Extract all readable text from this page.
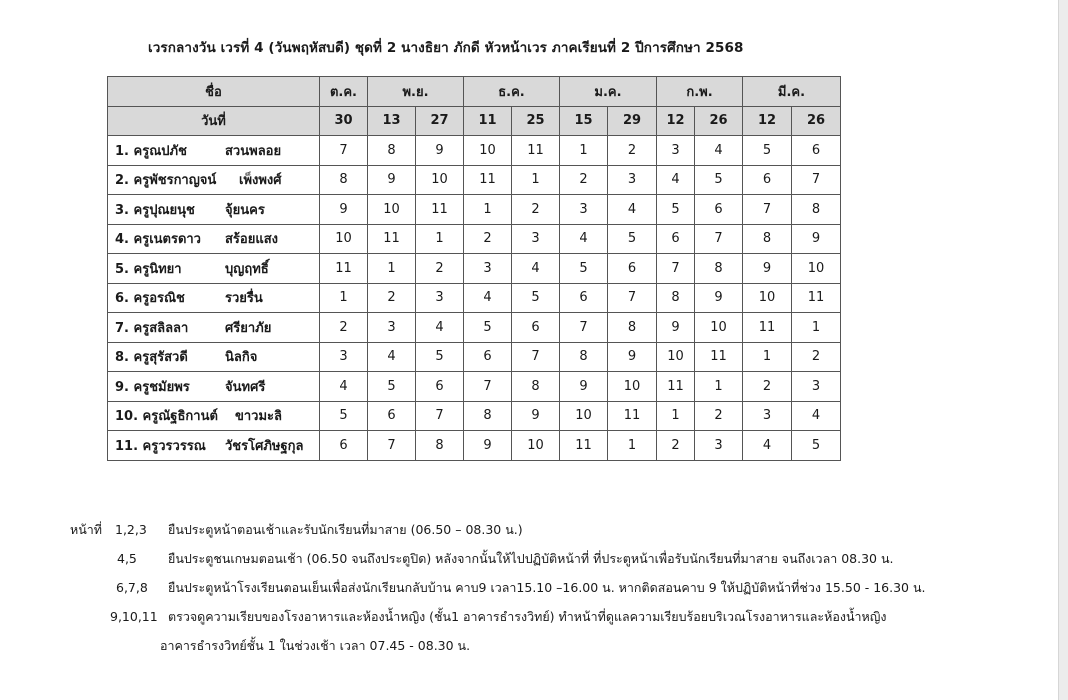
เวรกลางวัน เวรที่ 4 (วันพฤหัสบดี) ชุดที่ 2 นางธิยา ภักดี หัวหน้าเวร ภาคเรียนที่ 2 ปีการศึกษา 2568
ชื่อ	ต.ค.	พ.ย.		ธ.ค.		ม.ค.		ก.พ.		มี.ค.	
วันที่	30	13	27	11	25	15	29	12	26	12	26
1. ครูณปภัช สวนพลอย	7	8	9	10	11	1	2	3	4	5	6
2. ครูพัชรกาญจน์ เพ็งพงศ์	8	9	10	11	1	2	3	4	5	6	7
3. ครูปุณยนุช จุ้ยนคร	9	10	11	1	2	3	4	5	6	7	8
4. ครูเนตรดาว สร้อยแสง	10	11	1	2	3	4	5	6	7	8	9
5. ครูนิทยา บุญฤทธิ์	11	1	2	3	4	5	6	7	8	9	10
6. ครูอรณิช รวยรื่น	1	2	3	4	5	6	7	8	9	10	11
7. ครูสลิลลา ศรียาภัย	2	3	4	5	6	7	8	9	10	11	1
8. ครูสุรัสวดี นิลกิจ	3	4	5	6	7	8	9	10	11	1	2
9. ครูชมัยพร จันทศรี	4	5	6	7	8	9	10	11	1	2	3
10. ครูณัฐธิกานต์ ขาวมะลิ	5	6	7	8	9	10	11	1	2	3	4
11. ครูวรวรรณ วัชรโศภิษฐกุล	6	7	8	9	10	11	1	2	3	4	5
หน้าที่ 1,2,3 ยืนประตูหน้าตอนเช้าและรับนักเรียนที่มาสาย (06.50 – 08.30 น.)
4,5 ยืนประตูชนเกษมตอนเช้า (06.50 จนถึงประตูปิด) หลังจากนั้นให้ไปปฏิบัติหน้าที่ ที่ประตูหน้าเพื่อรับนักเรียนที่มาสาย จนถึงเวลา 08.30 น.
6,7,8 ยืนประตูหน้าโรงเรียนตอนเย็นเพื่อส่งนักเรียนกลับบ้าน คาบ9 เวลา15.10 –16.00 น. หากติดสอนคาบ 9 ให้ปฏิบัติหน้าที่ช่วง 15.50 - 16.30 น.
9,10,11 ตรวจดูความเรียบของโรงอาหารและห้องน้ำหญิง (ชั้น1 อาคารธำรงวิทย์) ทำหน้าที่ดูแลความเรียบร้อยบริเวณโรงอาหารและห้องน้ำหญิง
อาคารธำรงวิทย์ชั้น 1 ในช่วงเช้า เวลา 07.45 - 08.30 น.
